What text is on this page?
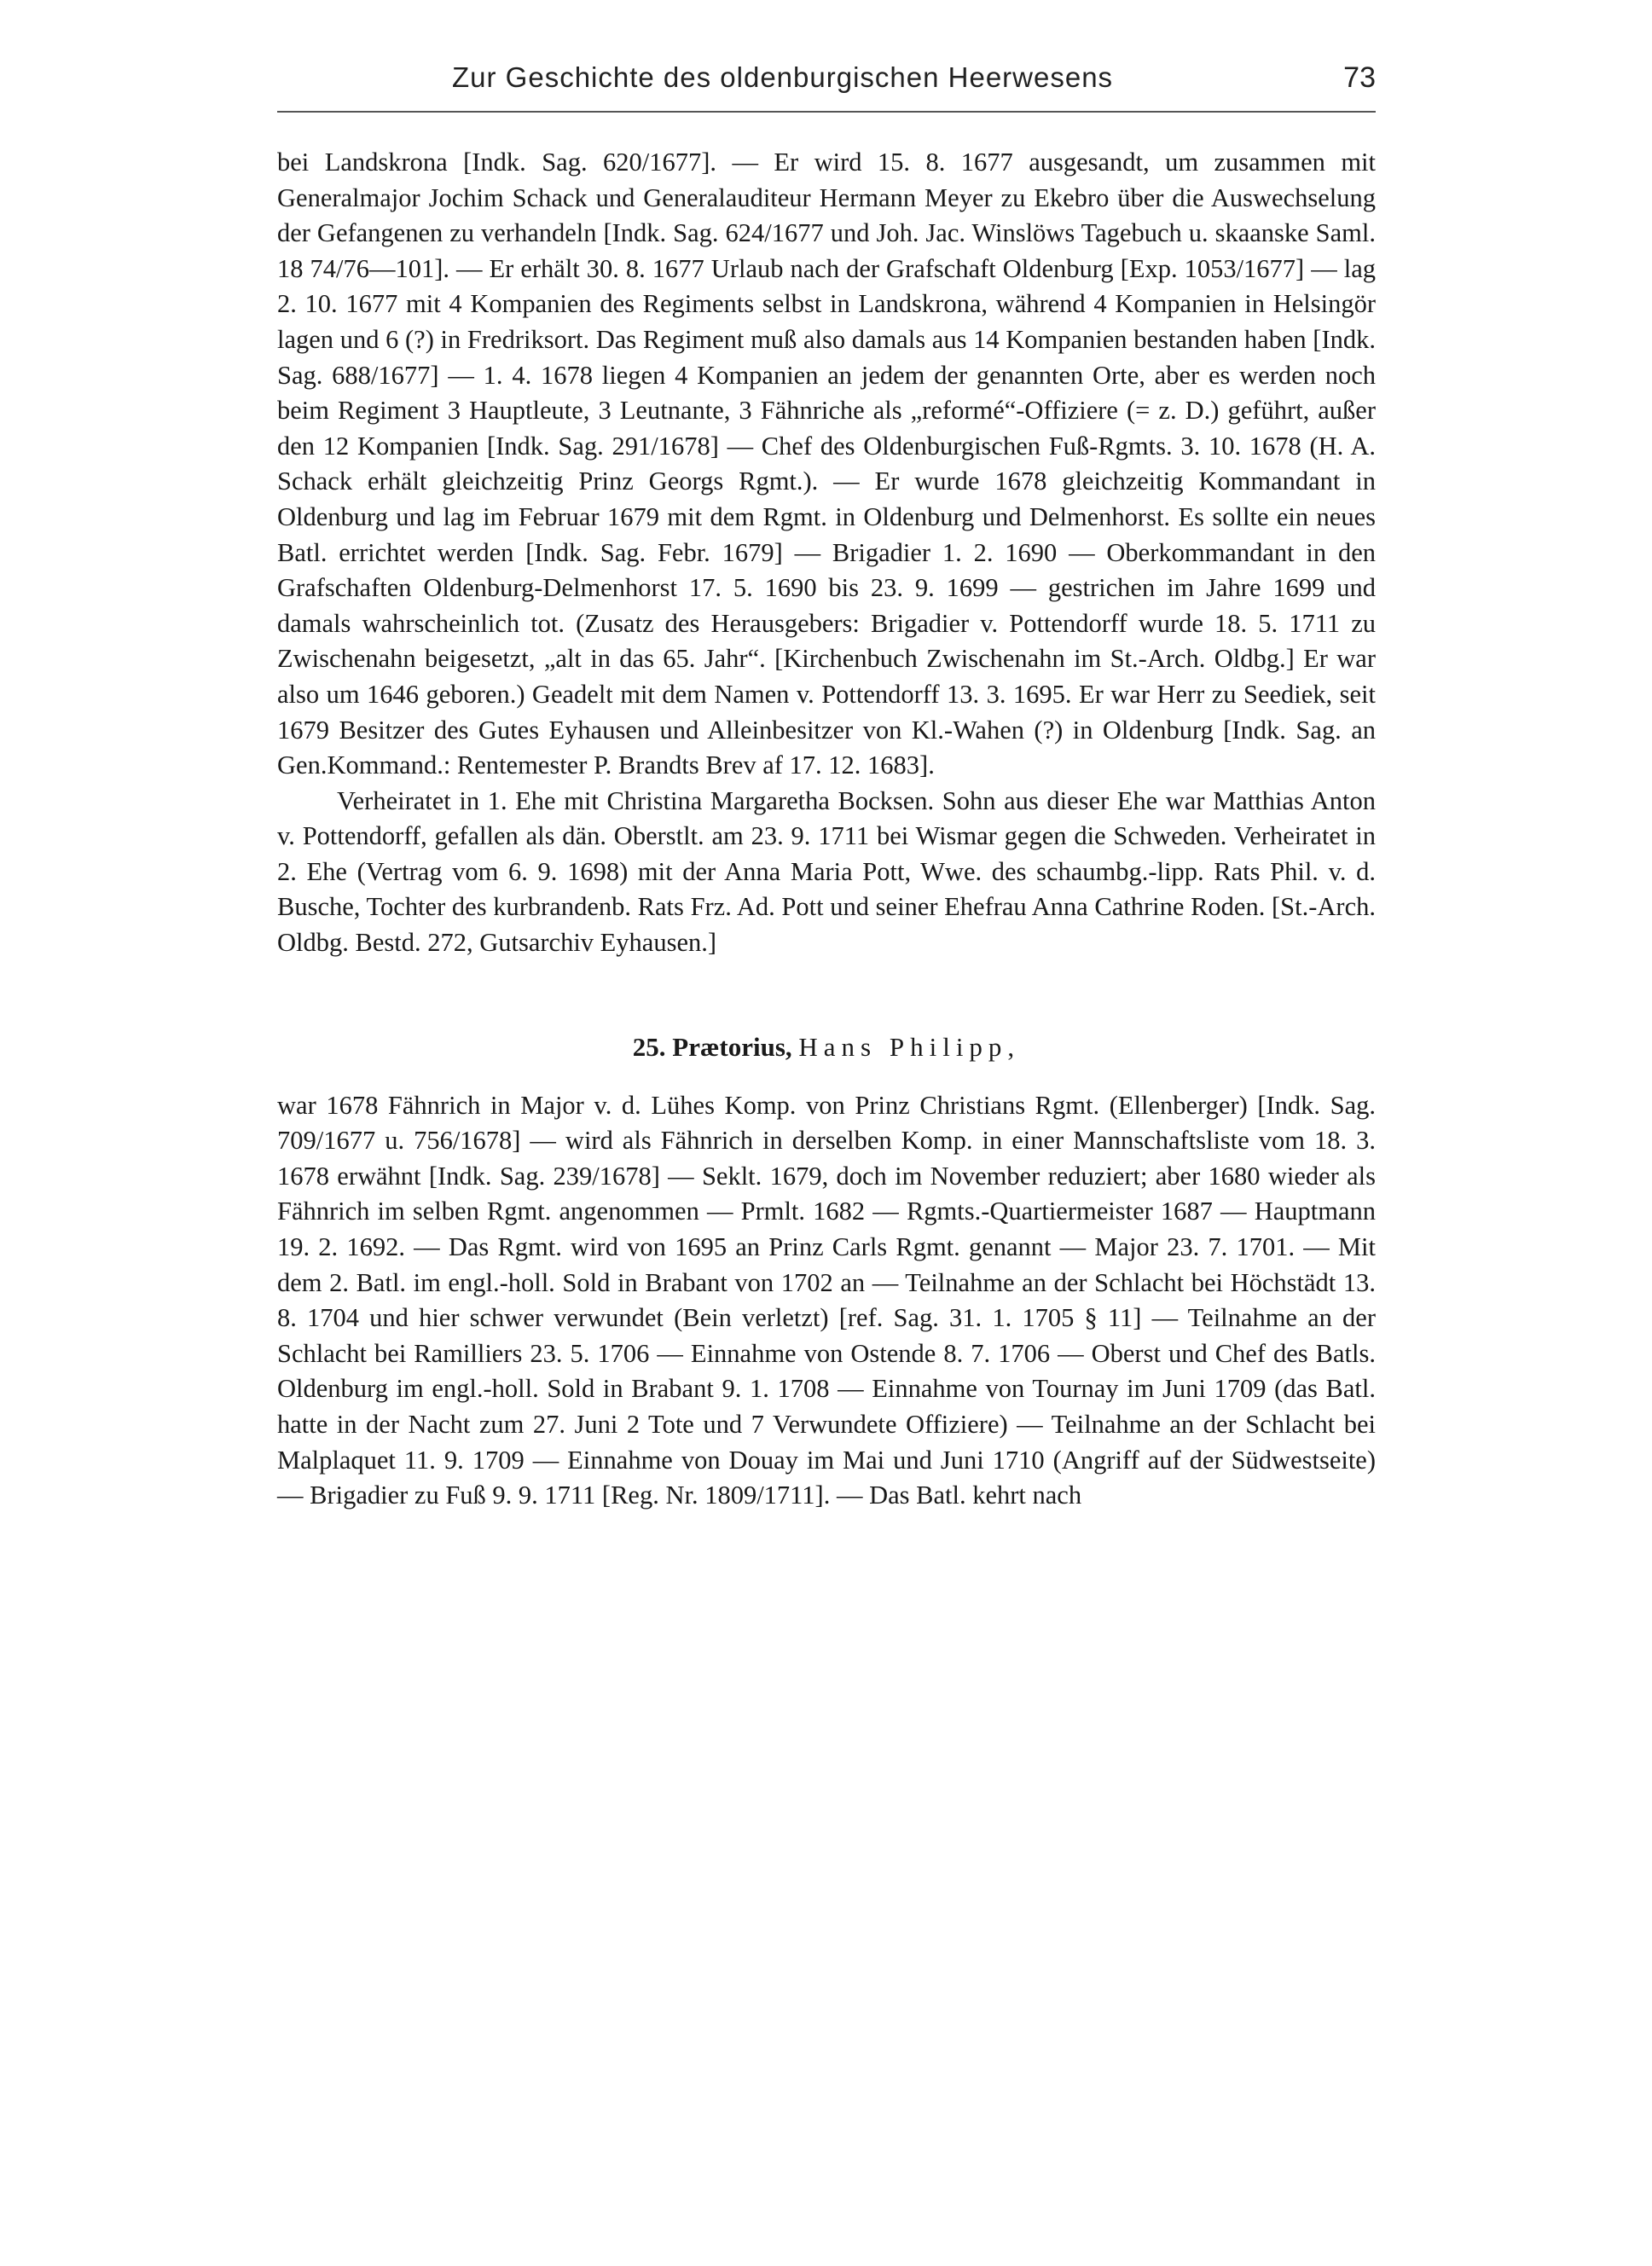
Zur Geschichte des oldenburgischen Heerwesens	73

bei Landskrona [Indk. Sag. 620/1677]. — Er wird 15. 8. 1677 ausgesandt, um zusammen mit Generalmajor Jochim Schack und Generalauditeur Hermann Meyer zu Ekebro über die Auswechselung der Gefangenen zu verhandeln [Indk. Sag. 624/1677 und Joh. Jac. Winslöws Tagebuch u. skaanske Saml. 18 74/76—101]. — Er erhält 30. 8. 1677 Urlaub nach der Grafschaft Oldenburg [Exp. 1053/1677] — lag 2. 10. 1677 mit 4 Kompanien des Regiments selbst in Landskrona, während 4 Kompanien in Helsingör lagen und 6 (?) in Fredriksort. Das Regiment muß also damals aus 14 Kompanien bestanden haben [Indk. Sag. 688/1677] — 1. 4. 1678 liegen 4 Kompanien an jedem der genannten Orte, aber es werden noch beim Regiment 3 Hauptleute, 3 Leutnante, 3 Fähnriche als „reformé“-Offiziere (= z. D.) geführt, außer den 12 Kompanien [Indk. Sag. 291/1678] — Chef des Oldenburgischen Fuß-Rgmts. 3. 10. 1678 (H. A. Schack erhält gleichzeitig Prinz Georgs Rgmt.). — Er wurde 1678 gleichzeitig Kommandant in Oldenburg und lag im Februar 1679 mit dem Rgmt. in Oldenburg und Delmenhorst. Es sollte ein neues Batl. errichtet werden [Indk. Sag. Febr. 1679] — Brigadier 1. 2. 1690 — Oberkommandant in den Grafschaften Oldenburg-Delmenhorst 17. 5. 1690 bis 23. 9. 1699 — gestrichen im Jahre 1699 und damals wahrscheinlich tot. (Zusatz des Herausgebers: Brigadier v. Pottendorff wurde 18. 5. 1711 zu Zwischenahn beigesetzt, „alt in das 65. Jahr“. [Kirchenbuch Zwischenahn im St.-Arch. Oldbg.] Er war also um 1646 geboren.) Geadelt mit dem Namen v. Pottendorff 13. 3. 1695. Er war Herr zu Seediek, seit 1679 Besitzer des Gutes Eyhausen und Alleinbesitzer von Kl.-Wahen (?) in Oldenburg [Indk. Sag. an Gen.Kommand.: Rentemester P. Brandts Brev af 17. 12. 1683].

Verheiratet in 1. Ehe mit Christina Margaretha Bocksen. Sohn aus dieser Ehe war Matthias Anton v. Pottendorff, gefallen als dän. Oberstlt. am 23. 9. 1711 bei Wismar gegen die Schweden. Verheiratet in 2. Ehe (Vertrag vom 6. 9. 1698) mit der Anna Maria Pott, Wwe. des schaumbg.-lipp. Rats Phil. v. d. Busche, Tochter des kurbrandenb. Rats Frz. Ad. Pott und seiner Ehefrau Anna Cathrine Roden. [St.-Arch. Oldbg. Bestd. 272, Gutsarchiv Eyhausen.]

25. Prætorius, Hans Philipp,

war 1678 Fähnrich in Major v. d. Lühes Komp. von Prinz Christians Rgmt. (Ellenberger) [Indk. Sag. 709/1677 u. 756/1678] — wird als Fähnrich in derselben Komp. in einer Mannschaftsliste vom 18. 3. 1678 erwähnt [Indk. Sag. 239/1678] — Seklt. 1679, doch im November reduziert; aber 1680 wieder als Fähnrich im selben Rgmt. angenommen — Prmlt. 1682 — Rgmts.-Quartiermeister 1687 — Hauptmann 19. 2. 1692. — Das Rgmt. wird von 1695 an Prinz Carls Rgmt. genannt — Major 23. 7. 1701. — Mit dem 2. Batl. im engl.-holl. Sold in Brabant von 1702 an — Teilnahme an der Schlacht bei Höchstädt 13. 8. 1704 und hier schwer verwundet (Bein verletzt) [ref. Sag. 31. 1. 1705 § 11] — Teilnahme an der Schlacht bei Ramilliers 23. 5. 1706 — Einnahme von Ostende 8. 7. 1706 — Oberst und Chef des Batls. Oldenburg im engl.-holl. Sold in Brabant 9. 1. 1708 — Einnahme von Tournay im Juni 1709 (das Batl. hatte in der Nacht zum 27. Juni 2 Tote und 7 Verwundete Offiziere) — Teilnahme an der Schlacht bei Malplaquet 11. 9. 1709 — Einnahme von Douay im Mai und Juni 1710 (Angriff auf der Südwestseite) — Brigadier zu Fuß 9. 9. 1711 [Reg. Nr. 1809/1711]. — Das Batl. kehrt nach
